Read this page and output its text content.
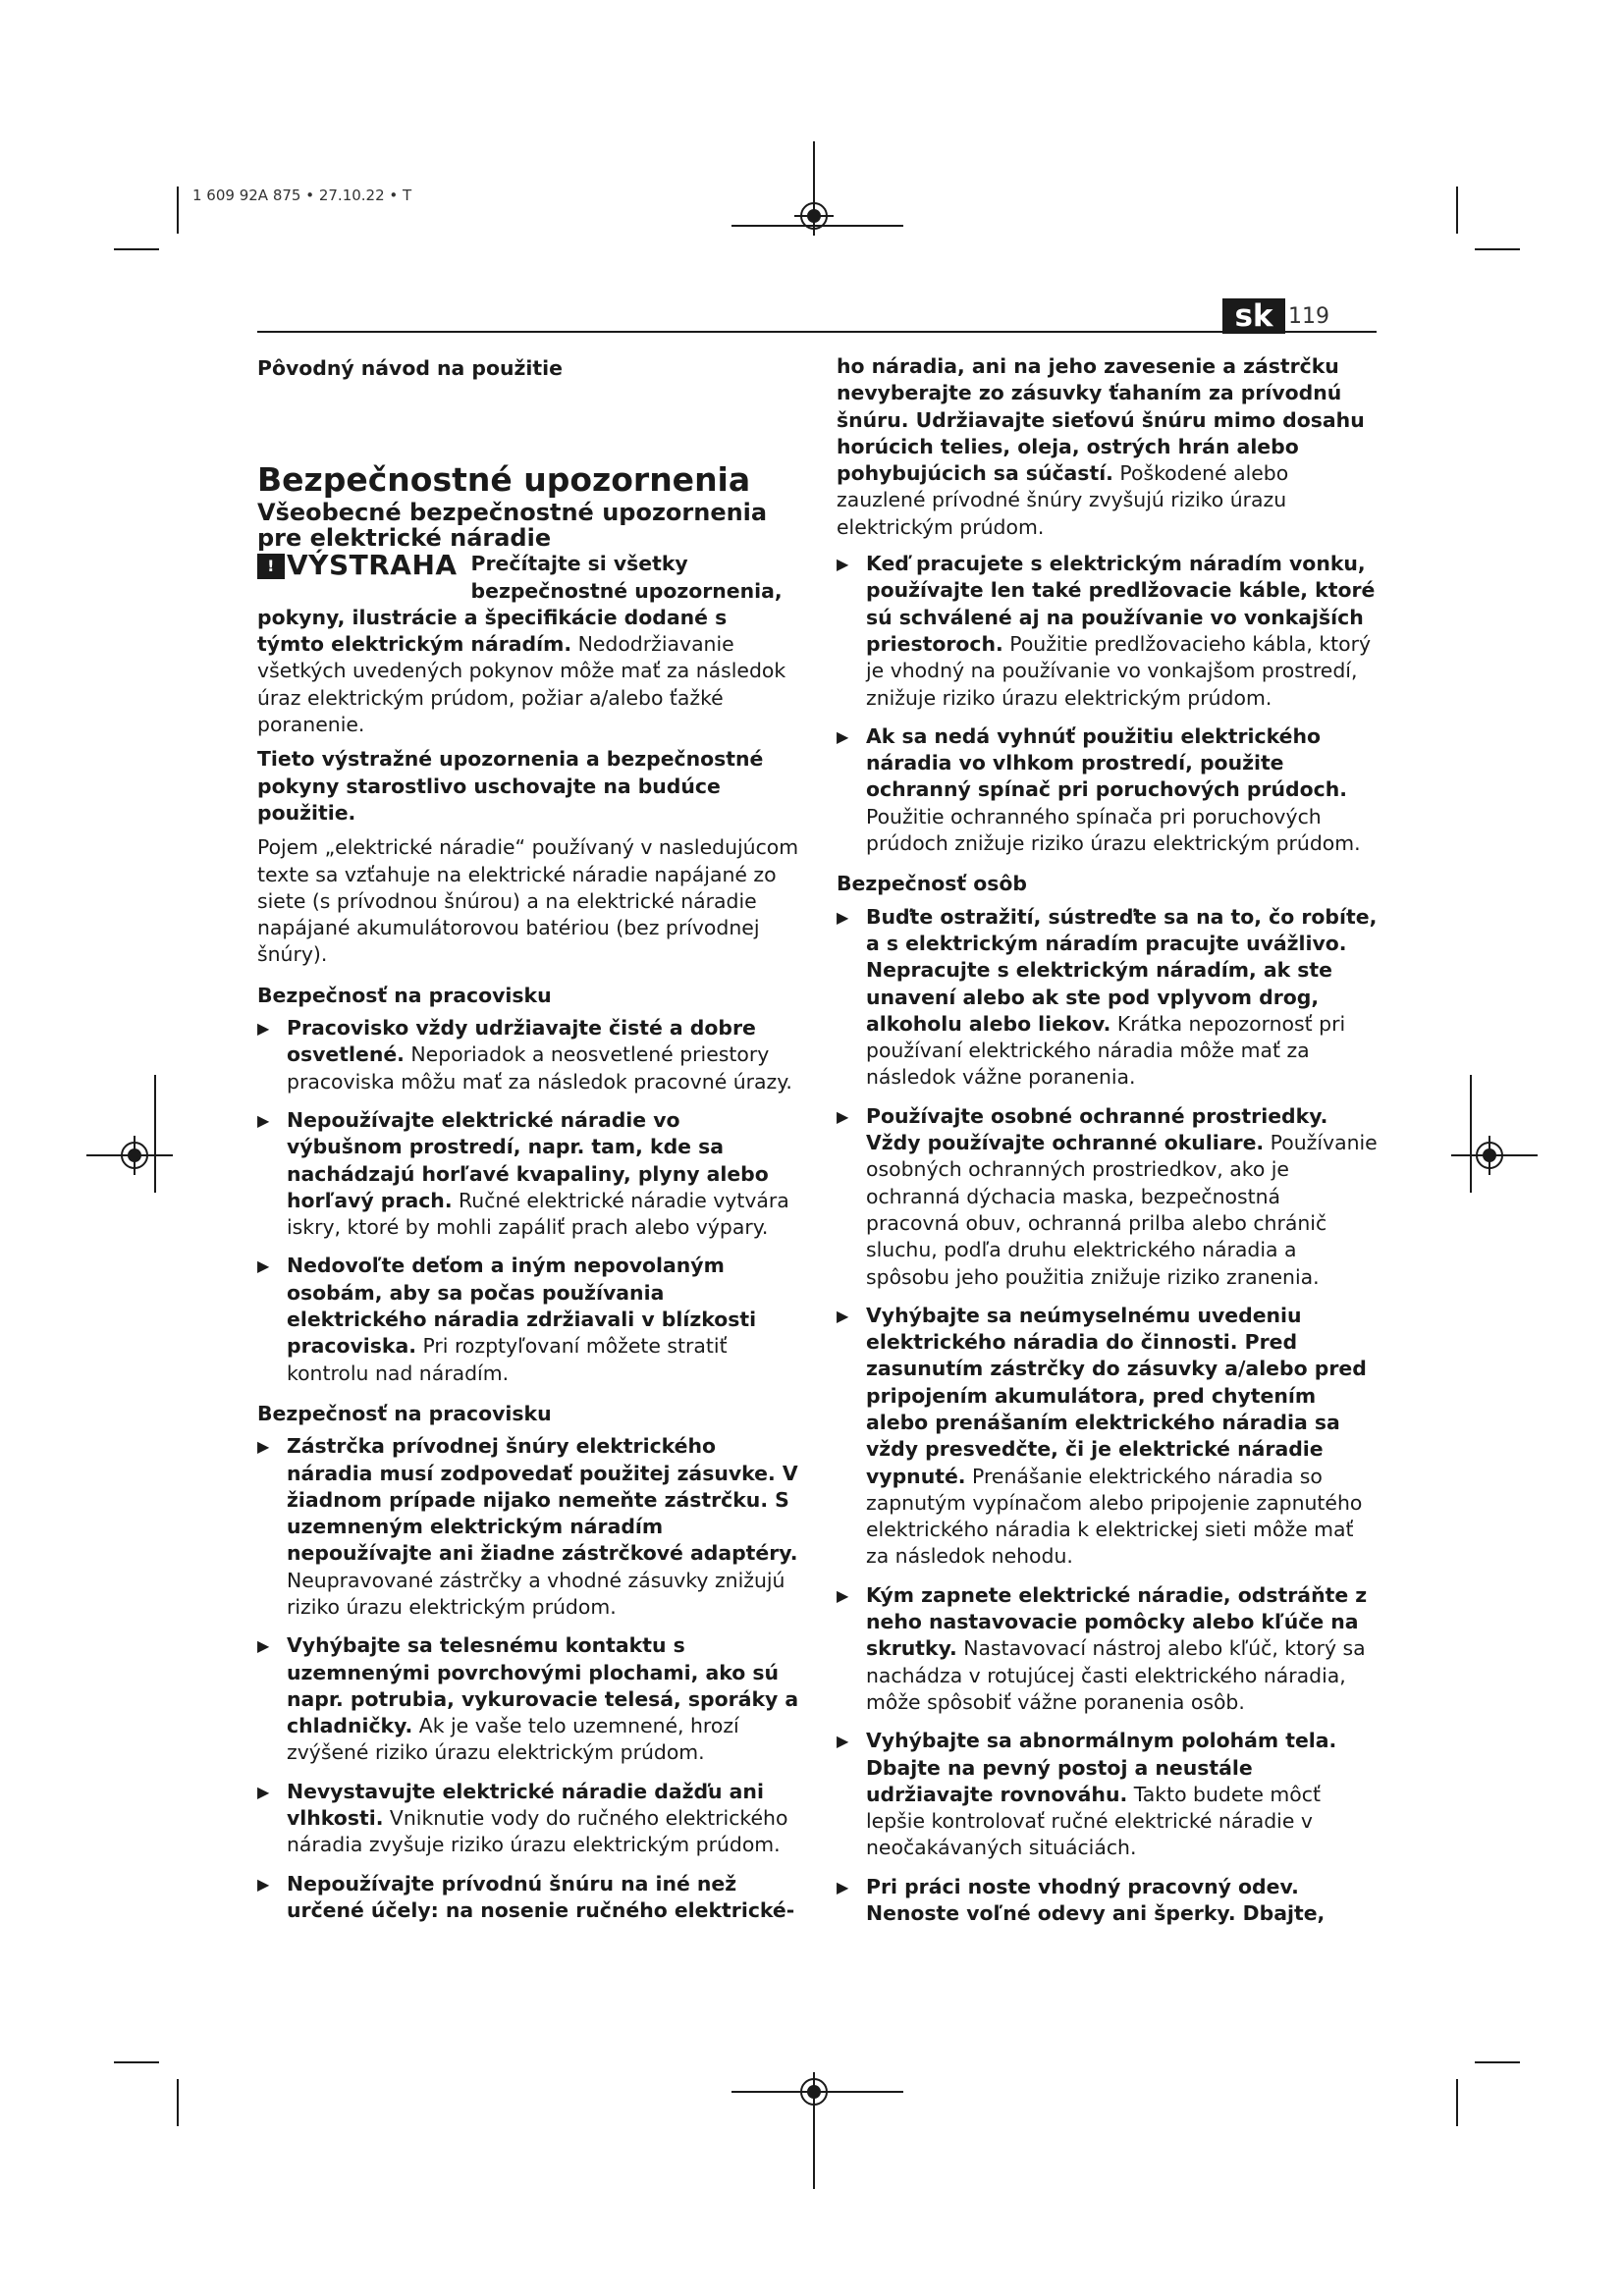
1 609 92A 875 • 27.10.22 • T
sk 119

Pôvodný návod na použitie

Bezpečnostné upozornenia

Všeobecné bezpečnostné upozornenia pre elektrické náradie

! VÝSTRAHA Prečítajte si všetky bezpečnostné upozornenia, pokyny, ilustrácie a špecifikácie dodané s týmto elektrickým náradím. Nedodržiavanie všetkých uvedených pokynov môže mať za následok úraz elektrickým prúdom, požiar a/alebo ťažké poranenie.

Tieto výstražné upozornenia a bezpečnostné pokyny starostlivo uschovajte na budúce použitie.

Pojem „elektrické náradie“ používaný v nasledujúcom texte sa vzťahuje na elektrické náradie napájané zo siete (s prívodnou šnúrou) a na elektrické náradie napájané akumulátorovou batériou (bez prívodnej šnúry).

Bezpečnosť na pracovisku

▶ Pracovisko vždy udržiavajte čisté a dobre osvetlené. Neporiadok a neosvetlené priestory pracoviska môžu mať za následok pracovné úrazy.

▶ Nepoužívajte elektrické náradie vo výbušnom prostredí, napr. tam, kde sa nachádzajú horľavé kvapaliny, plyny alebo horľavý prach. Ručné elektrické náradie vytvára iskry, ktoré by mohli zapáliť prach alebo výpary.

▶ Nedovoľte deťom a iným nepovolaným osobám, aby sa počas používania elektrického náradia zdržiavali v blízkosti pracoviska. Pri rozptyľovaní môžete stratiť kontrolu nad náradím.

Bezpečnosť na pracovisku

▶ Zástrčka prívodnej šnúry elektrického náradia musí zodpovedať použitej zásuvke. V žiadnom prípade nijako nemeňte zástrčku. S uzemneným elektrickým náradím nepoužívajte ani žiadne zástrčkové adaptéry. Neupravované zástrčky a vhodné zásuvky znižujú riziko úrazu elektrickým prúdom.

▶ Vyhýbajte sa telesnému kontaktu s uzemnenými povrchovými plochami, ako sú napr. potrubia, vykurovacie telesá, sporáky a chladničky. Ak je vaše telo uzemnené, hrozí zvýšené riziko úrazu elektrickým prúdom.

▶ Nevystavujte elektrické náradie dažďu ani vlhkosti. Vniknutie vody do ručného elektrického náradia zvyšuje riziko úrazu elektrickým prúdom.

▶ Nepoužívajte prívodnú šnúru na iné než určené účely: na nosenie ručného elektrické-

ho náradia, ani na jeho zavesenie a zástrčku nevyberajte zo zásuvky ťahaním za prívodnú šnúru. Udržiavajte sieťovú šnúru mimo dosahu horúcich telies, oleja, ostrých hrán alebo pohybujúcich sa súčastí. Poškodené alebo zauzlené prívodné šnúry zvyšujú riziko úrazu elektrickým prúdom.

▶ Keď pracujete s elektrickým náradím vonku, používajte len také predlžovacie káble, ktoré sú schválené aj na používanie vo vonkajších priestoroch. Použitie predlžovacieho kábla, ktorý je vhodný na používanie vo vonkajšom prostredí, znižuje riziko úrazu elektrickým prúdom.

▶ Ak sa nedá vyhnúť použitiu elektrického náradia vo vlhkom prostredí, použite ochranný spínač pri poruchových prúdoch. Použitie ochranného spínača pri poruchových prúdoch znižuje riziko úrazu elektrickým prúdom.

Bezpečnosť osôb

▶ Buďte ostražití, sústreďte sa na to, čo robíte, a s elektrickým náradím pracujte uvážlivo. Nepracujte s elektrickým náradím, ak ste unavení alebo ak ste pod vplyvom drog, alkoholu alebo liekov. Krátka nepozornosť pri používaní elektrického náradia môže mať za následok vážne poranenia.

▶ Používajte osobné ochranné prostriedky. Vždy používajte ochranné okuliare. Používanie osobných ochranných prostriedkov, ako je ochranná dýchacia maska, bezpečnostná pracovná obuv, ochranná prilba alebo chránič sluchu, podľa druhu elektrického náradia a spôsobu jeho použitia znižuje riziko zranenia.

▶ Vyhýbajte sa neúmyselnému uvedeniu elektrického náradia do činnosti. Pred zasunutím zástrčky do zásuvky a/alebo pred pripojením akumulátora, pred chytením alebo prenášaním elektrického náradia sa vždy presvedčte, či je elektrické náradie vypnuté. Prenášanie elektrického náradia so zapnutým vypínačom alebo pripojenie zapnutého elektrického náradia k elektrickej sieti môže mať za následok nehodu.

▶ Kým zapnete elektrické náradie, odstráňte z neho nastavovacie pomôcky alebo kľúče na skrutky. Nastavovací nástroj alebo kľúč, ktorý sa nachádza v rotujúcej časti elektrického náradia, môže spôsobiť vážne poranenia osôb.

▶ Vyhýbajte sa abnormálnym polohám tela. Dbajte na pevný postoj a neustále udržiavajte rovnováhu. Takto budete môcť lepšie kontrolovať ručné elektrické náradie v neočakávaných situáciách.

▶ Pri práci noste vhodný pracovný odev. Nenoste voľné odevy ani šperky. Dbajte,
